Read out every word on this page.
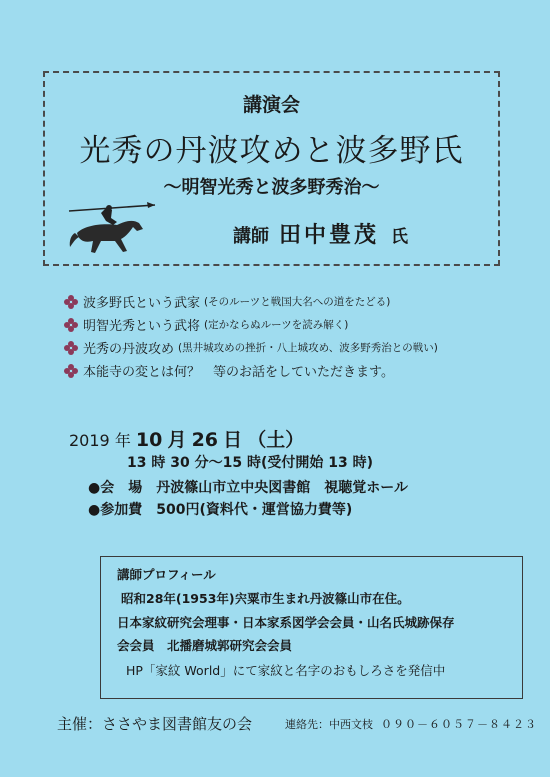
講演会
光秀の丹波攻めと波多野氏
～明智光秀と波多野秀治～
講師 田中豊茂 氏
波多野氏という武家 (そのルーツと戦国大名への道をたどる)
明智光秀という武将 (定かならぬルーツを読み解く)
光秀の丹波攻め (黒井城攻めの挫折・八上城攻め、波多野秀治との戦い)
本能寺の変とは何？　等のお話をしていただきます。
2019 年 10 月 26 日 （土）
13 時 30 分～15 時(受付開始 13 時)
●会　場 丹波篠山市立中央図書館　視聴覚ホール
●参加費 500円(資料代・運営協力費等)
講師プロフィール
昭和28年(1953年)宍粟市生まれ丹波篠山市在住。
日本家紋研究会理事・日本家系図学会会員・山名氏城跡保存
会会員　北播磨城郭研究会会員
HP「家紋 World」にて家紋と名字のおもしろさを発信中
主催：ささやま図書館友の会	連絡先：中西文枝 ０９０－６０５７－８４２３
